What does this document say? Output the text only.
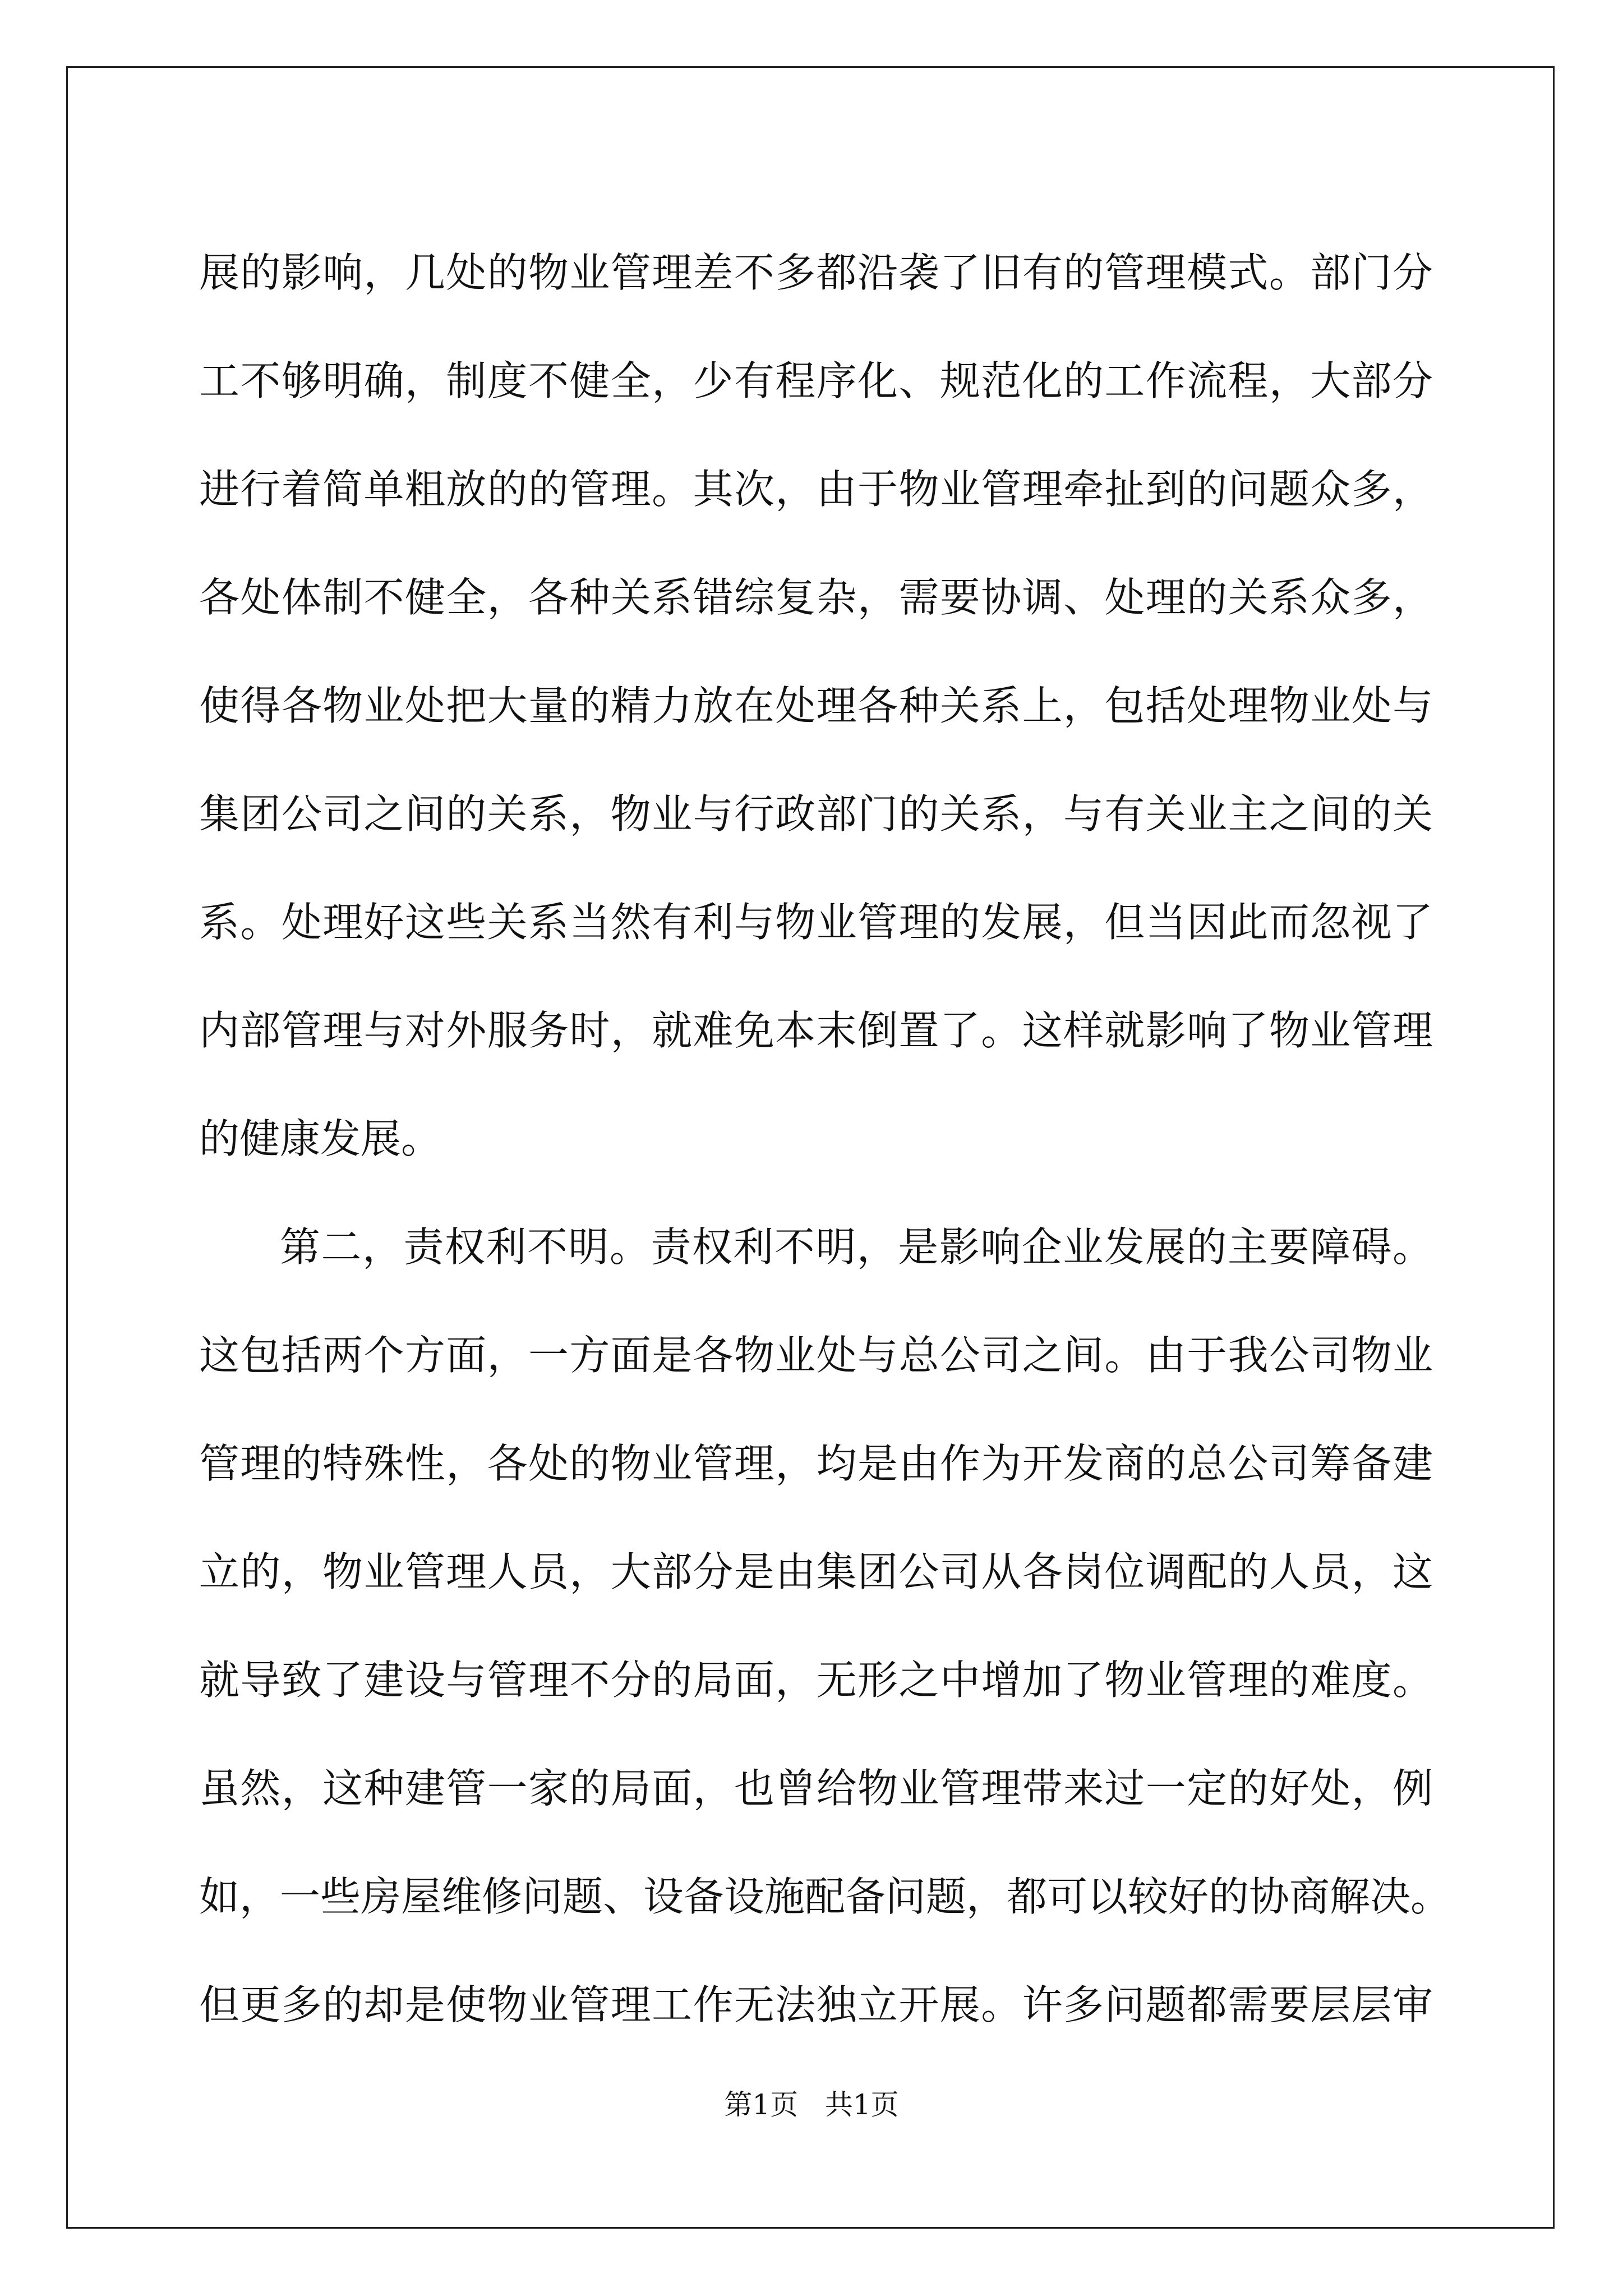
展的影响，几处的物业管理差不多都沿袭了旧有的管理模式。部门分
工不够明确，制度不健全，少有程序化、规范化的工作流程，大部分
进行着简单粗放的的管理。其次，由于物业管理牵扯到的问题众多，
各处体制不健全，各种关系错综复杂，需要协调、处理的关系众多，
使得各物业处把大量的精力放在处理各种关系上，包括处理物业处与
集团公司之间的关系，物业与行政部门的关系，与有关业主之间的关
系。处理好这些关系当然有利与物业管理的发展，但当因此而忽视了
内部管理与对外服务时，就难免本末倒置了。这样就影响了物业管理
的健康发展。
第二，责权利不明。责权利不明，是影响企业发展的主要障碍。
这包括两个方面，一方面是各物业处与总公司之间。由于我公司物业
管理的特殊性，各处的物业管理，均是由作为开发商的总公司筹备建
立的，物业管理人员，大部分是由集团公司从各岗位调配的人员，这
就导致了建设与管理不分的局面，无形之中增加了物业管理的难度。
虽然，这种建管一家的局面，也曾给物业管理带来过一定的好处，例
如，一些房屋维修问题、设备设施配备问题，都可以较好的协商解决。
但更多的却是使物业管理工作无法独立开展。许多问题都需要层层审
第1页 共1页
